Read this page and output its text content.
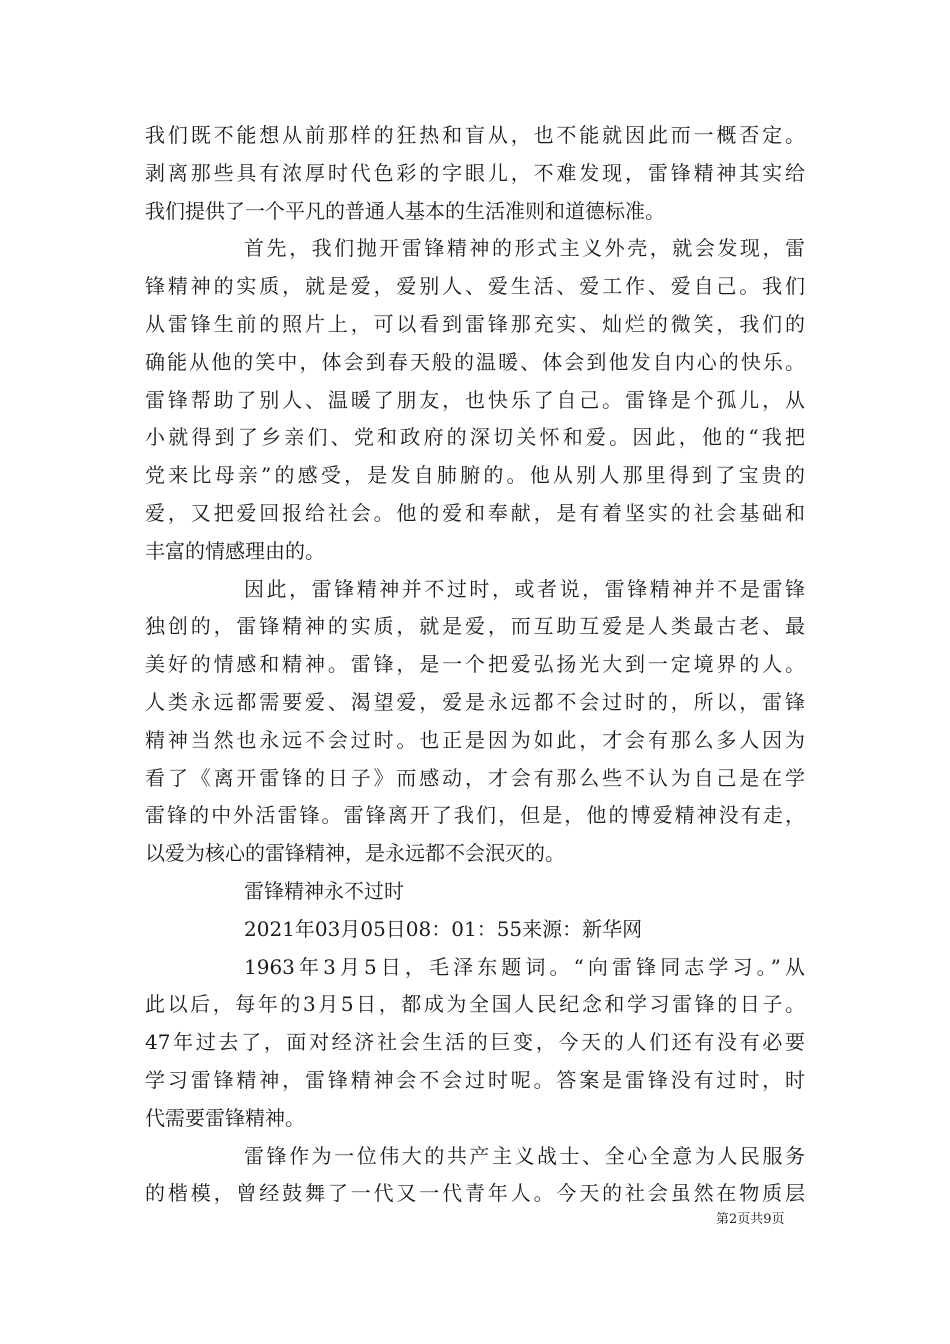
我们既不能想从前那样的狂热和盲从，也不能就因此而一概否定。
剥离那些具有浓厚时代色彩的字眼儿，不难发现，雷锋精神其实给
我们提供了一个平凡的普通人基本的生活准则和道德标准。
首先，我们抛开雷锋精神的形式主义外壳，就会发现，雷
锋精神的实质，就是爱，爱别人、爱生活、爱工作、爱自己。我们
从雷锋生前的照片上，可以看到雷锋那充实、灿烂的微笑，我们的
确能从他的笑中，体会到春天般的温暖、体会到他发自内心的快乐。
雷锋帮助了别人、温暖了朋友，也快乐了自己。雷锋是个孤儿，从
小就得到了乡亲们、党和政府的深切关怀和爱。因此，他的“我把
党来比母亲”的感受，是发自肺腑的。他从别人那里得到了宝贵的
爱，又把爱回报给社会。他的爱和奉献，是有着坚实的社会基础和
丰富的情感理由的。
因此，雷锋精神并不过时，或者说，雷锋精神并不是雷锋
独创的，雷锋精神的实质，就是爱，而互助互爱是人类最古老、最
美好的情感和精神。雷锋，是一个把爱弘扬光大到一定境界的人。
人类永远都需要爱、渴望爱，爱是永远都不会过时的，所以，雷锋
精神当然也永远不会过时。也正是因为如此，才会有那么多人因为
看了《离开雷锋的日子》而感动，才会有那么些不认为自己是在学
雷锋的中外活雷锋。雷锋离开了我们，但是，他的博爱精神没有走，
以爱为核心的雷锋精神，是永远都不会泯灭的。
雷锋精神永不过时
2021年03月05日08：01：55来源：新华网
1963年3月5日，毛泽东题词。“向雷锋同志学习。”从
此以后，每年的3月5日，都成为全国人民纪念和学习雷锋的日子。
47年过去了，面对经济社会生活的巨变，今天的人们还有没有必要
学习雷锋精神，雷锋精神会不会过时呢。答案是雷锋没有过时，时
代需要雷锋精神。
雷锋作为一位伟大的共产主义战士、全心全意为人民服务
的楷模，曾经鼓舞了一代又一代青年人。今天的社会虽然在物质层
第2页共9页
